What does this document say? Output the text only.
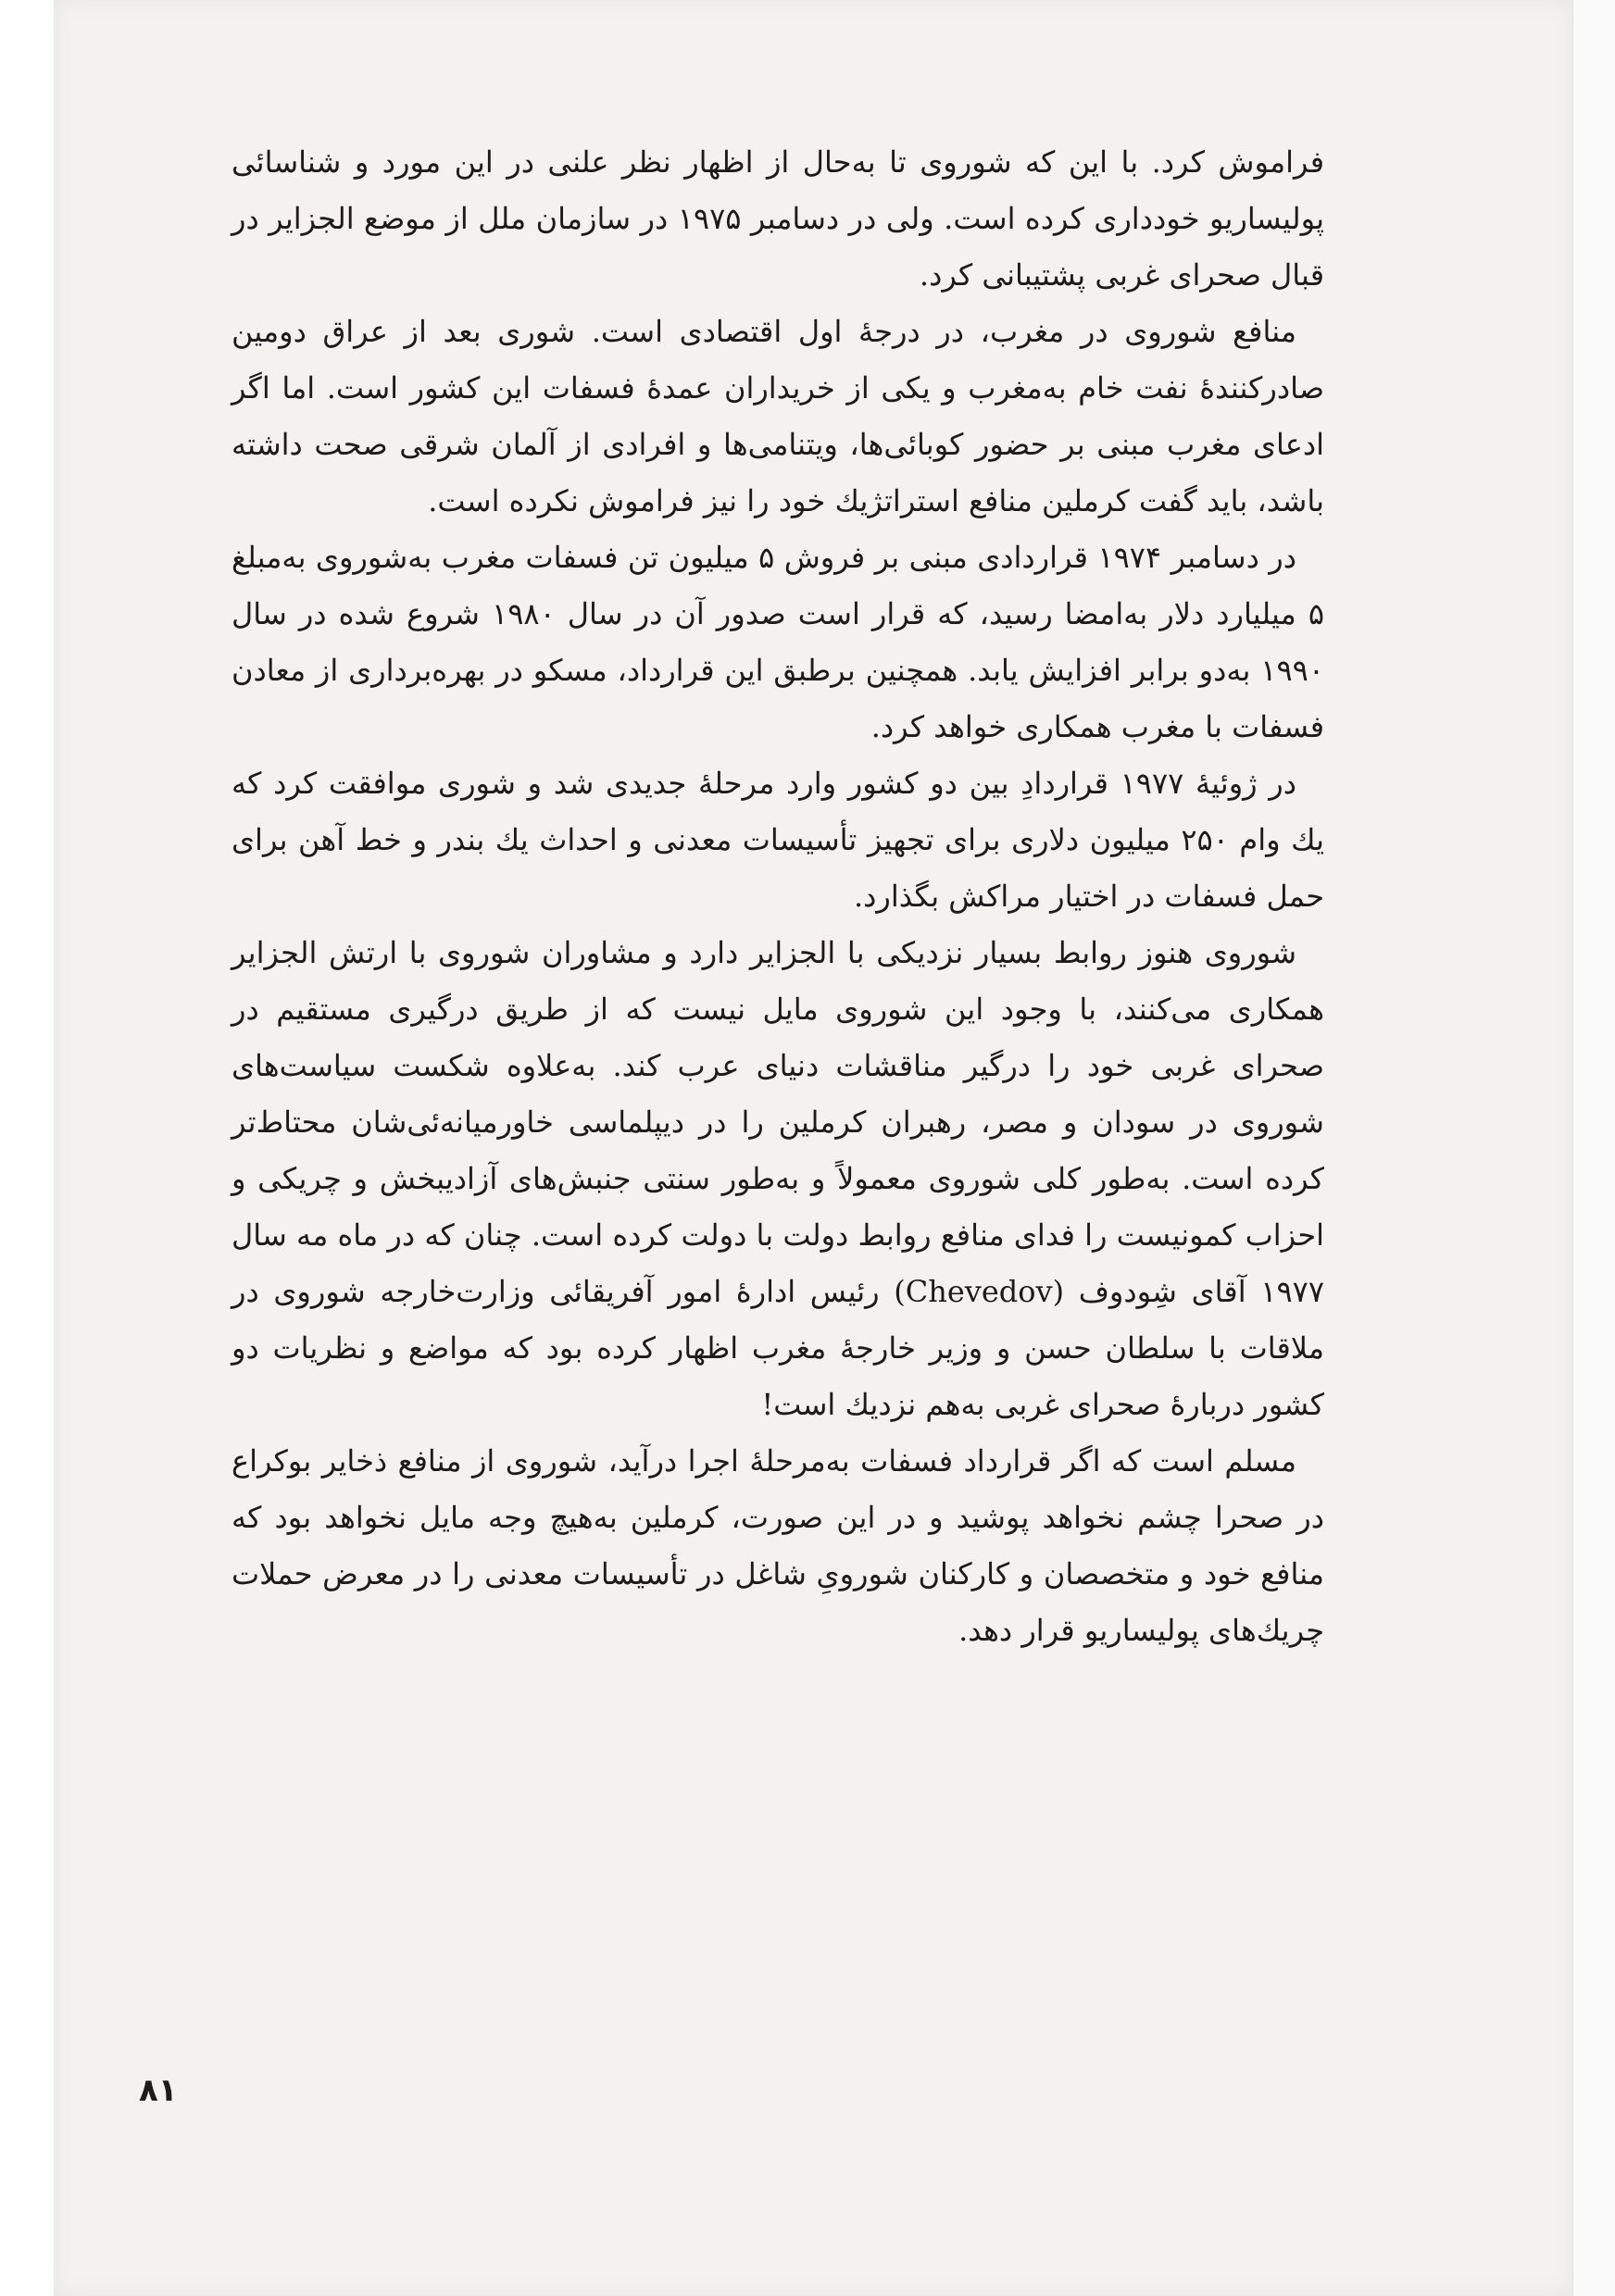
فراموش کرد. با این که شوروی تا به‌حال از اظهار نظر علنی در این مورد و شناسائی پولیساریو خودداری کرده است. ولی در دسامبر ۱۹۷۵ در سازمان ملل از موضع الجزایر در قبال صحرای غربی پشتیبانی کرد.

منافع شوروی در مغرب، در درجهٔ اول اقتصادی است. شوری بعد از عراق دومین صادرکنندهٔ نفت خام به‌مغرب و یکی از خریداران عمدهٔ فسفات این کشور است. اما اگر ادعای مغرب مبنی بر حضور کوبائی‌ها، ویتنامی‌ها و افرادی از آلمان شرقی صحت داشته باشد، باید گفت کرملین منافع استراتژیك خود را نیز فراموش نکرده است.

در دسامبر ۱۹۷۴ قراردادی مبنی بر فروش ۵ میلیون تن فسفات مغرب به‌شوروی به‌مبلغ ۵ میلیارد دلار به‌امضا رسید، که قرار است صدور آن در سال ۱۹۸۰ شروع شده در سال ۱۹۹۰ به‌دو برابر افزایش یابد. همچنین برطبق این قرارداد، مسکو در بهره‌برداری از معادن فسفات با مغرب همکاری خواهد کرد.

در ژوئیهٔ ۱۹۷۷ قراردادِ بین دو کشور وارد مرحلهٔ جدیدی شد و شوری موافقت کرد که یك وام ۲۵۰ میلیون دلاری برای تجهیز تأسیسات معدنی و احداث یك بندر و خط آهن برای حمل فسفات در اختیار مراکش بگذارد.

شوروی هنوز روابط بسیار نزدیکی با الجزایر دارد و مشاوران شوروی با ارتش الجزایر همکاری می‌کنند، با وجود این شوروی مایل نیست که از طریق درگیری مستقیم در صحرای غربی خود را درگیر مناقشات دنیای عرب کند. به‌علاوه شکست سیاست‌های شوروی در سودان و مصر، رهبران کرملین را در دیپلماسی خاورمیانه‌ئی‌شان محتاط‌تر کرده است. به‌طور کلی شوروی معمولاً و به‌طور سنتی جنبش‌های آزادیبخش و چریکی و احزاب کمونیست را فدای منافع روابط دولت با دولت کرده است. چنان که در ماه مه سال ۱۹۷۷ آقای شِودوف (Chevedov) رئیس ادارهٔ امور آفریقائی وزارت‌خارجه شوروی در ملاقات با سلطان حسن و وزیر خارجه‌ٔ مغرب اظهار کرده بود که مواضع و نظریات دو کشور دربارهٔ صحرای غربی به‌هم نزدیك است!

مسلم است که اگر قرارداد فسفات به‌مرحلهٔ اجرا درآید، شوروی از منافع ذخایر بوکراع در صحرا چشم نخواهد پوشید و در این صورت، کرملین به‌هیچ وجه مایل نخواهد بود که منافع خود و متخصصان و کارکنان شورویِ شاغل در تأسیسات معدنی را در معرض حملات چریك‌های پولیساریو قرار دهد.

۸۱
